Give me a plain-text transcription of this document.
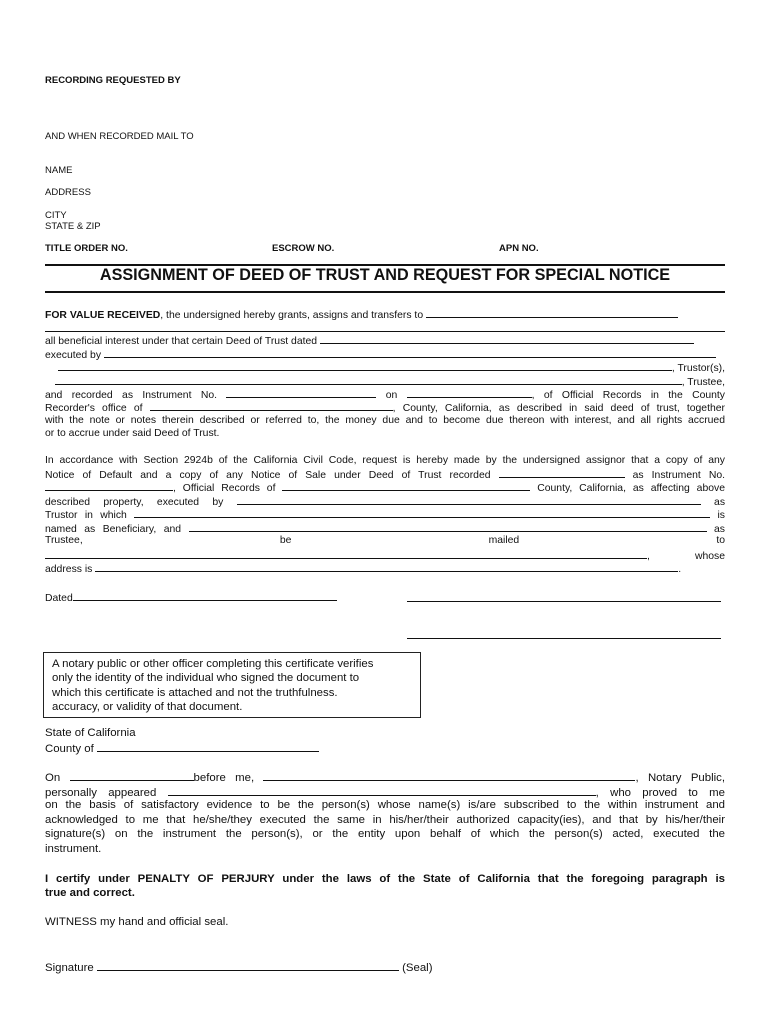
RECORDING REQUESTED BY
AND WHEN RECORDED MAIL TO
NAME
ADDRESS
CITY
STATE & ZIP
TITLE ORDER NO.	ESCROW NO.	APN NO.
ASSIGNMENT OF DEED OF TRUST AND REQUEST FOR SPECIAL NOTICE
FOR VALUE RECEIVED, the undersigned hereby grants, assigns and transfers to
all beneficial interest under that certain Deed of Trust dated
executed by
, Trustor(s),
, Trustee,
and recorded as Instrument No.	on	, of Official Records in the County
Recorder's office of	, County, California, as described in said deed of trust, together
with the note or notes therein described or referred to, the money due and to become due thereon with interest, and all rights accrued
or to accrue under said Deed of Trust.
In accordance with Section 2924b of the California Civil Code, request is hereby made by the undersigned assignor that a copy of any
Notice of Default and a copy of any Notice of Sale under Deed of Trust recorded	as Instrument No.
, Official Records of	County, California, as affecting above
described property, executed by	as
Trustor in which	is
named as Beneficiary, and	as
Trustee,	be	mailed	to
, whose
address is	.
Dated
A notary public or other officer completing this certificate verifies
only the identity of the individual who signed the document to
which this certificate is attached and not the truthfulness.
accuracy, or validity of that document.
State of California
County of
On	before me,	, Notary Public,
personally appeared	, who proved to me
on the basis of satisfactory evidence to be the person(s) whose name(s) is/are subscribed to the within instrument and
acknowledged to me that he/she/they executed the same in his/her/their authorized capacity(ies), and that by his/her/their
signature(s) on the instrument the person(s), or the entity upon behalf of which the person(s) acted, executed the
instrument.
I certify under PENALTY OF PERJURY under the laws of the State of California that the foregoing paragraph is
true and correct.
WITNESS my hand and official seal.
Signature	(Seal)
